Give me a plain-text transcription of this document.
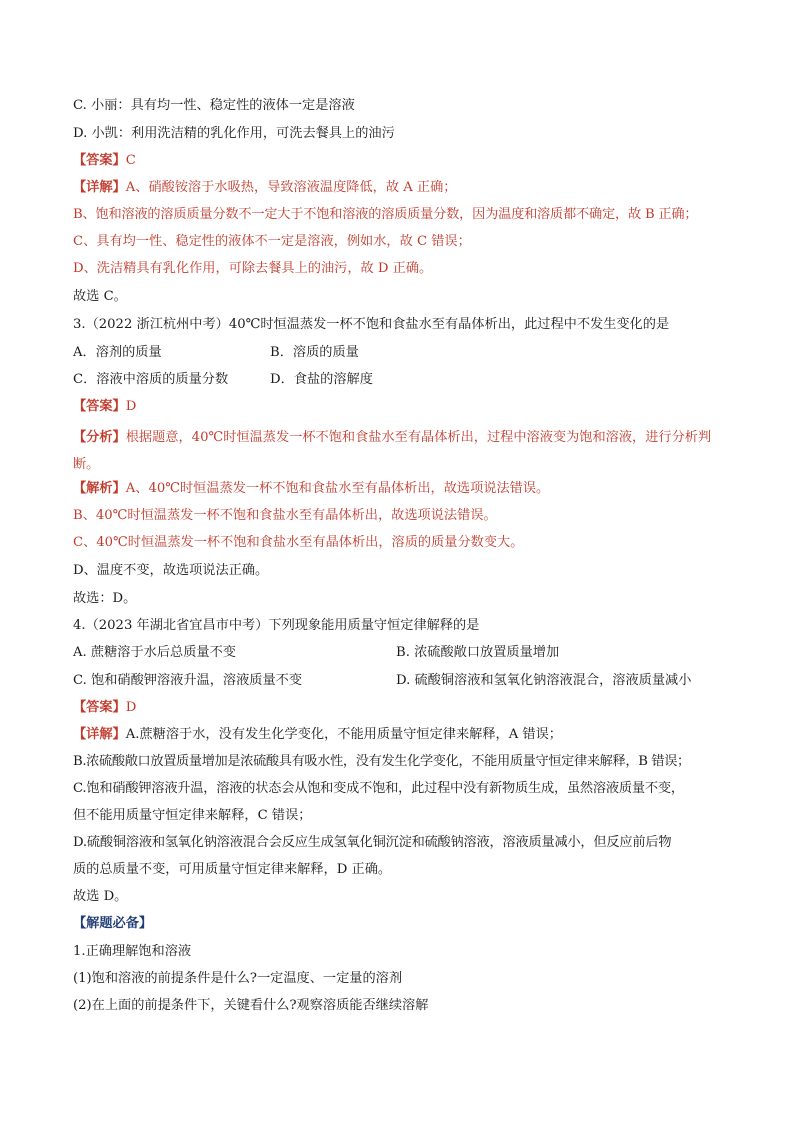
C. 小丽：具有均一性、稳定性的液体一定是溶液
D. 小凯：利用洗洁精的乳化作用，可洗去餐具上的油污
【答案】C
【详解】A、硝酸铵溶于水吸热，导致溶液温度降低，故 A 正确；
B、饱和溶液的溶质质量分数不一定大于不饱和溶液的溶质质量分数，因为温度和溶质都不确定，故 B 正确；
C、具有均一性、稳定性的液体不一定是溶液，例如水，故 C 错误；
D、洗洁精具有乳化作用，可除去餐具上的油污，故 D 正确。
故选 C。
3.（2022 浙江杭州中考）40℃时恒温蒸发一杯不饱和食盐水至有晶体析出，此过程中不发生变化的是
A．溶剂的质量	B．溶质的质量
C．溶液中溶质的质量分数	D．食盐的溶解度
【答案】D
【分析】根据题意，40℃时恒温蒸发一杯不饱和食盐水至有晶体析出，过程中溶液变为饱和溶液，进行分析判断。
【解析】A、40℃时恒温蒸发一杯不饱和食盐水至有晶体析出，故选项说法错误。
B、40℃时恒温蒸发一杯不饱和食盐水至有晶体析出，故选项说法错误。
C、40℃时恒温蒸发一杯不饱和食盐水至有晶体析出，溶质的质量分数变大。
D、温度不变，故选项说法正确。
故选：D。
4.（2023 年湖北省宜昌市中考）下列现象能用质量守恒定律解释的是
A. 蔗糖溶于水后总质量不变	B. 浓硫酸敞口放置质量增加
C. 饱和硝酸钾溶液升温，溶液质量不变	D. 硫酸铜溶液和氢氧化钠溶液混合，溶液质量减小
【答案】D
【详解】A.蔗糖溶于水，没有发生化学变化，不能用质量守恒定律来解释，A 错误；
B.浓硫酸敞口放置质量增加是浓硫酸具有吸水性，没有发生化学变化，不能用质量守恒定律来解释，B 错误；
C.饱和硝酸钾溶液升温，溶液的状态会从饱和变成不饱和，此过程中没有新物质生成，虽然溶液质量不变，
但不能用质量守恒定律来解释，C 错误；
D.硫酸铜溶液和氢氧化钠溶液混合会反应生成氢氧化铜沉淀和硫酸钠溶液，溶液质量减小，但反应前后物
质的总质量不变，可用质量守恒定律来解释，D 正确。
故选 D。
【解题必备】
1.正确理解饱和溶液
(1)饱和溶液的前提条件是什么?一定温度、一定量的溶剂
(2)在上面的前提条件下，关键看什么?观察溶质能否继续溶解
